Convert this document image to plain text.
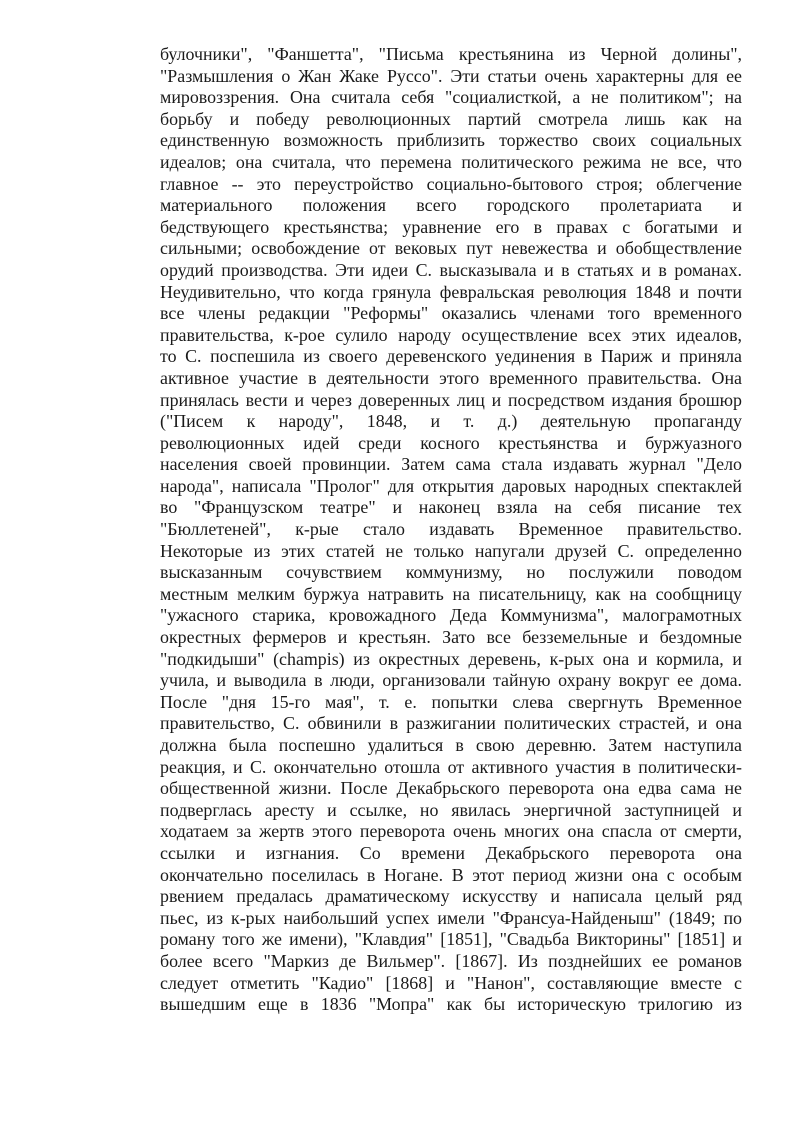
булочники", "Фаншетта", "Письма крестьянина из Черной долины",
"Размышления о Жан Жаке Руссо". Эти статьи очень характерны для ее
мировоззрения. Она считала себя "социалисткой, а не политиком"; на
борьбу и победу революционных партий смотрела лишь как на
единственную возможность приблизить торжество своих социальных
идеалов; она считала, что перемена политического режима не все, что
главное -- это переустройство социально-бытового строя; облегчение
материального положения всего городского пролетариата и
бедствующего крестьянства; уравнение его в правах с богатыми и
сильными; освобождение от вековых пут невежества и обобществление
орудий производства. Эти идеи С. высказывала и в статьях и в романах.
Неудивительно, что когда грянула февральская революция 1848 и почти
все члены редакции "Реформы" оказались членами того временного
правительства, к-рое сулило народу осуществление всех этих идеалов,
то С. поспешила из своего деревенского уединения в Париж и приняла
активное участие в деятельности этого временного правительства. Она
принялась вести и через доверенных лиц и посредством издания брошюр
("Писем к народу", 1848, и т. д.) деятельную пропаганду
революционных идей среди косного крестьянства и буржуазного
населения своей провинции. Затем сама стала издавать журнал "Дело
народа", написала "Пролог" для открытия даровых народных спектаклей
во "Французском театре" и наконец взяла на себя писание тех
"Бюллетеней", к-рые стало издавать Временное правительство.
Некоторые из этих статей не только напугали друзей С. определенно
высказанным сочувствием коммунизму, но послужили поводом
местным мелким буржуа натравить на писательницу, как на сообщницу
"ужасного старика, кровожадного Деда Коммунизма", малограмотных
окрестных фермеров и крестьян. Зато все безземельные и бездомные
"подкидыши" (champis) из окрестных деревень, к-рых она и кормила, и
учила, и выводила в люди, организовали тайную охрану вокруг ее дома.
После "дня 15-го мая", т. е. попытки слева свергнуть Временное
правительство, С. обвинили в разжигании политических страстей, и она
должна была поспешно удалиться в свою деревню. Затем наступила
реакция, и С. окончательно отошла от активного участия в политически-
общественной жизни. После Декабрьского переворота она едва сама не
подверглась аресту и ссылке, но явилась энергичной заступницей и
ходатаем за жертв этого переворота очень многих она спасла от смерти,
ссылки и изгнания. Со времени Декабрьского переворота она
окончательно поселилась в Ногане. В этот период жизни она с особым
рвением предалась драматическому искусству и написала целый ряд
пьес, из к-рых наибольший успех имели "Франсуа-Найденыш" (1849; по
роману того же имени), "Клавдия" [1851], "Свадьба Викторины" [1851] и
более всего "Маркиз де Вильмер". [1867]. Из позднейших ее романов
следует отметить "Кадио" [1868] и "Нанон", составляющие вместе с
вышедшим еще в 1836 "Мопра" как бы историческую трилогию из
